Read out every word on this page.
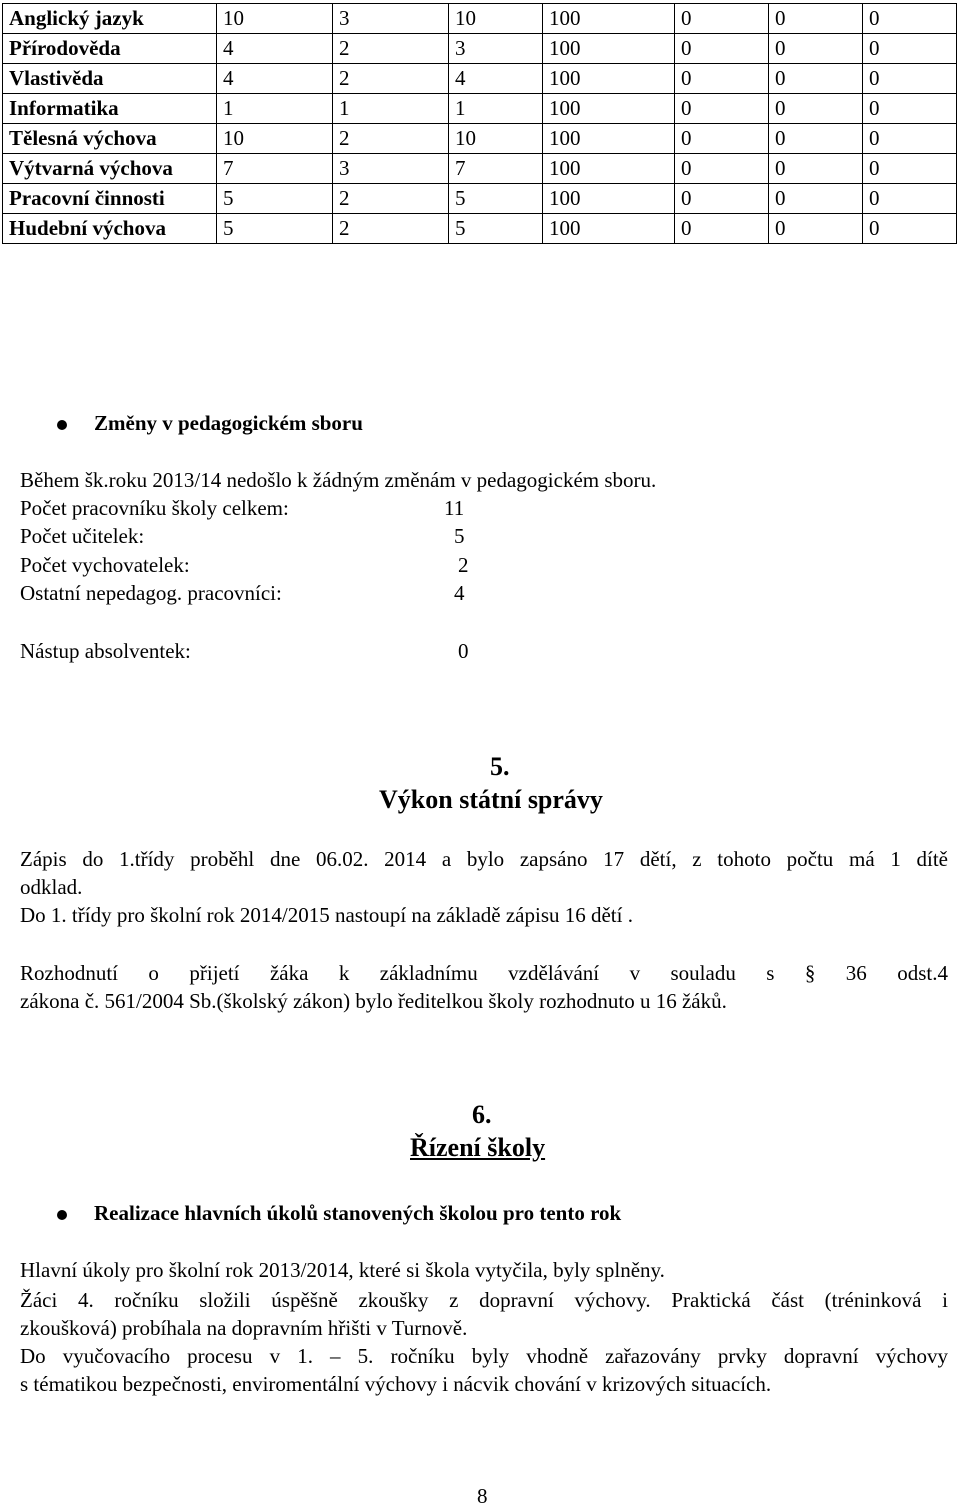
Anglický jazyk	10	3	10	100	0	0	0
Přírodověda	4	2	3	100	0	0	0
Vlastivěda	4	2	4	100	0	0	0
Informatika	1	1	1	100	0	0	0
Tělesná výchova	10	2	10	100	0	0	0
Výtvarná výchova	7	3	7	100	0	0	0
Pracovní činnosti	5	2	5	100	0	0	0
Hudební výchova	5	2	5	100	0	0	0
Změny v pedagogickém sboru
Během šk.roku 2013/14 nedošlo k žádným změnám v pedagogickém sboru.
Počet pracovníku školy celkem:	11
Počet učitelek:	5
Počet vychovatelek:	2
Ostatní nepedagog. pracovníci:	4
Nástup absolventek:	0
5.
Výkon státní správy
Zápis do 1.třídy proběhl dne 06.02. 2014 a bylo zapsáno 17 dětí, z tohoto počtu má 1 dítě
odklad.
Do 1. třídy pro školní rok 2014/2015 nastoupí na základě zápisu 16 dětí .
Rozhodnutí o přijetí žáka k základnímu vzdělávání v souladu s § 36 odst.4
zákona č. 561/2004 Sb.(školský zákon) bylo ředitelkou školy rozhodnuto u 16 žáků.
6.
Řízení školy
Realizace hlavních úkolů stanovených školou pro tento rok
Hlavní úkoly pro školní rok 2013/2014, které si škola vytyčila, byly splněny.
Žáci 4. ročníku složili úspěšně zkoušky z dopravní výchovy. Praktická část (tréninková i
zkoušková) probíhala na dopravním hřišti v Turnově.
Do vyučovacího procesu v 1. – 5. ročníku byly vhodně zařazovány prvky dopravní výchovy
s tématikou bezpečnosti, enviromentální výchovy i nácvik chování v krizových situacích.
8
